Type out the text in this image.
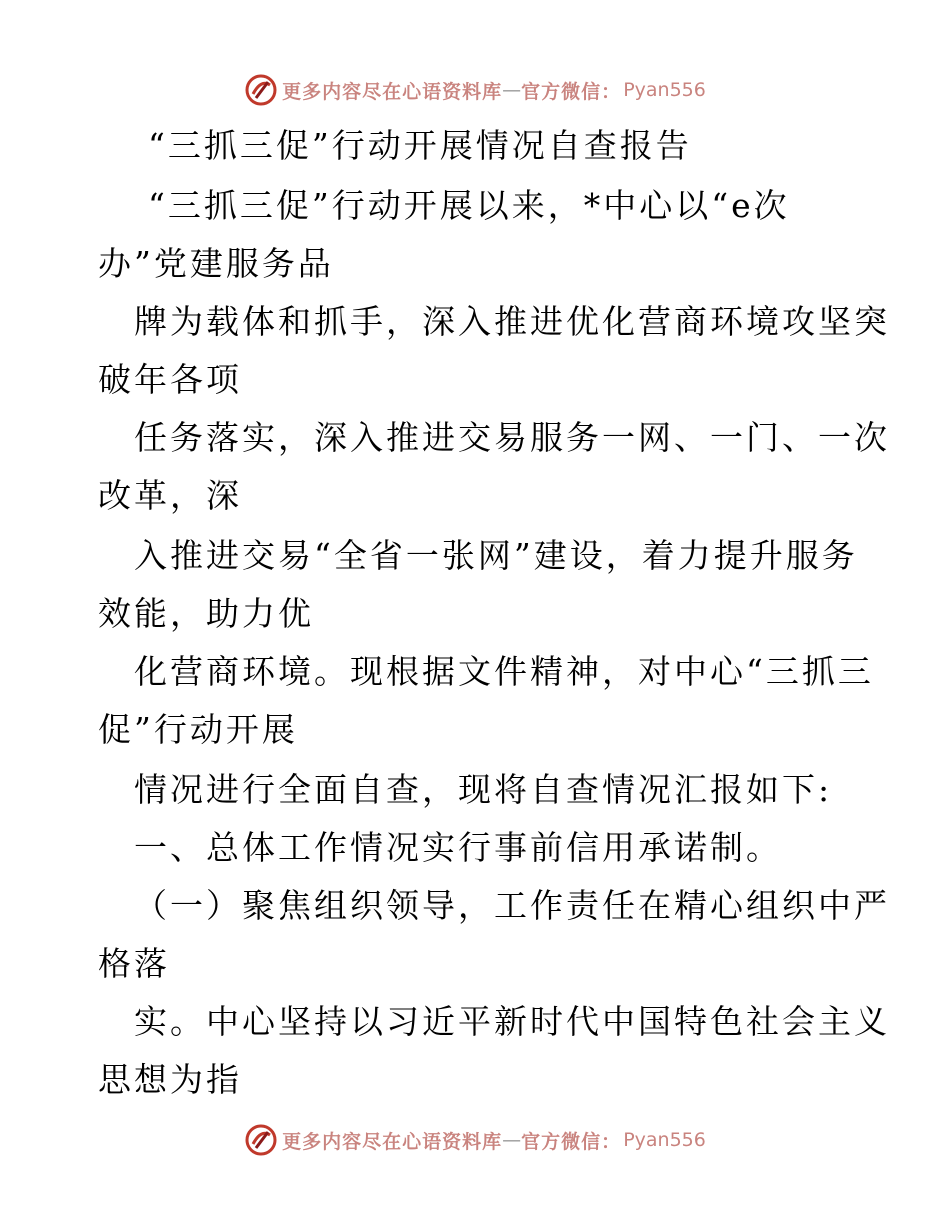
更多内容尽在心语资料库 — 官方微信： Pyan556
“三抓三促”行动开展情况自查报告
“三抓三促”行动开展以来，*中心以“e次
办”党建服务品
牌为载体和抓手，深入推进优化营商环境攻坚突
破年各项
任务落实，深入推进交易服务一网、一门、一次
改革，深
入推进交易“全省一张网”建设，着力提升服务
效能，助力优
化营商环境。现根据文件精神，对中心“三抓三
促”行动开展
情况进行全面自查，现将自查情况汇报如下:
一、总体工作情况实行事前信用承诺制。
（一）聚焦组织领导，工作责任在精心组织中严
格落
实。中心坚持以习近平新时代中国特色社会主义
思想为指
更多内容尽在心语资料库 — 官方微信： Pyan556
